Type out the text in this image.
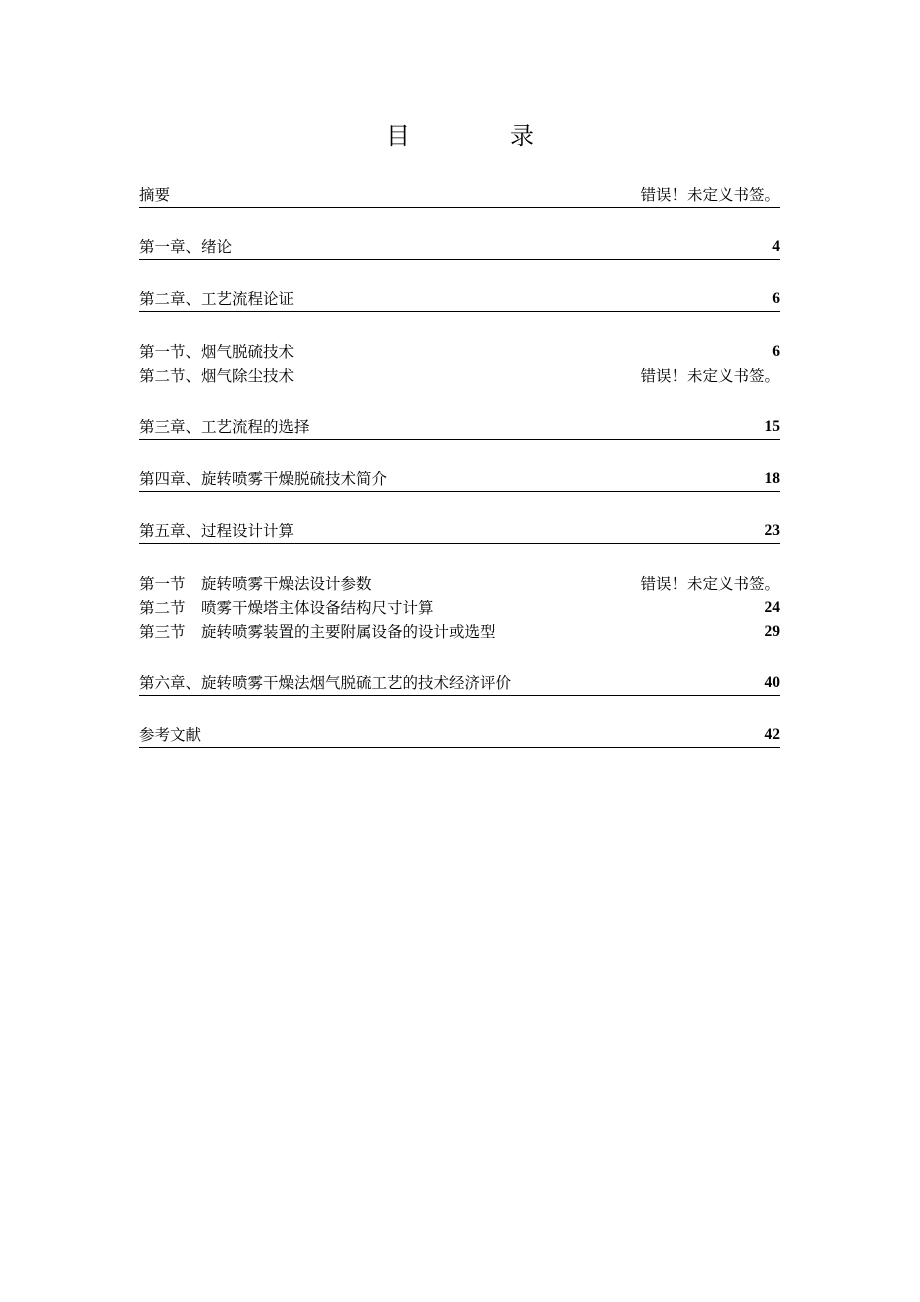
目　录
摘要	错误！未定义书签。
第一章、绪论	4
第二章、工艺流程论证	6
第一节、烟气脱硫技术	6
第二节、烟气除尘技术	错误！未定义书签。
第三章、工艺流程的选择	15
第四章、旋转喷雾干燥脱硫技术简介	18
第五章、过程设计计算	23
第一节　旋转喷雾干燥法设计参数	错误！未定义书签。
第二节　喷雾干燥塔主体设备结构尺寸计算	24
第三节　旋转喷雾装置的主要附属设备的设计或选型	29
第六章、旋转喷雾干燥法烟气脱硫工艺的技术经济评价	40
参考文献	42
